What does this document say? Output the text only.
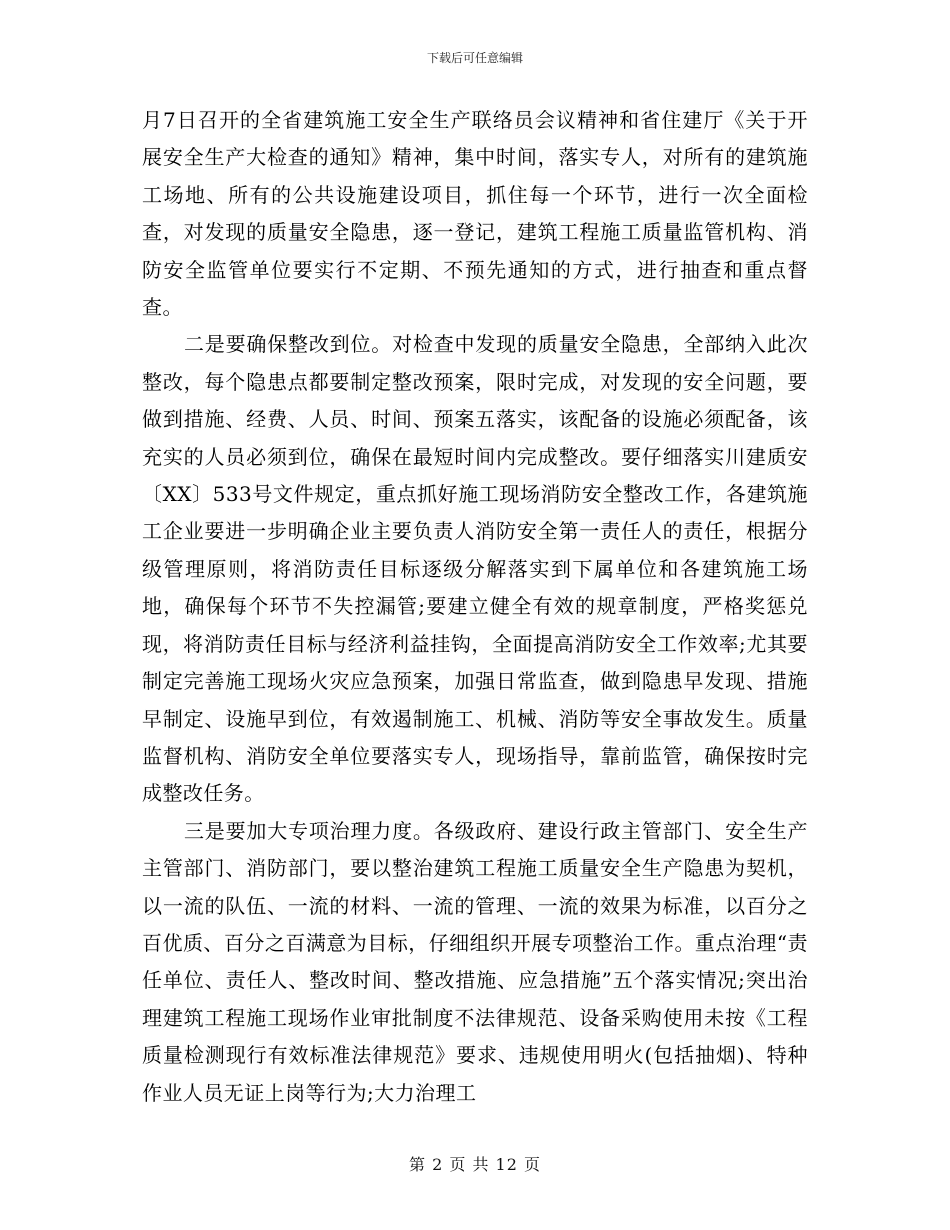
下载后可任意编辑

月7日召开的全省建筑施工安全生产联络员会议精神和省住建厅《关于开展安全生产大检查的通知》精神，集中时间，落实专人，对所有的建筑施工场地、所有的公共设施建设项目，抓住每一个环节，进行一次全面检查，对发现的质量安全隐患，逐一登记，建筑工程施工质量监管机构、消防安全监管单位要实行不定期、不预先通知的方式，进行抽查和重点督查。

二是要确保整改到位。对检查中发现的质量安全隐患，全部纳入此次整改，每个隐患点都要制定整改预案，限时完成，对发现的安全问题，要做到措施、经费、人员、时间、预案五落实，该配备的设施必须配备，该充实的人员必须到位，确保在最短时间内完成整改。要仔细落实川建质安〔XX〕533号文件规定，重点抓好施工现场消防安全整改工作，各建筑施工企业要进一步明确企业主要负责人消防安全第一责任人的责任，根据分级管理原则，将消防责任目标逐级分解落实到下属单位和各建筑施工场地，确保每个环节不失控漏管;要建立健全有效的规章制度，严格奖惩兑现，将消防责任目标与经济利益挂钩，全面提高消防安全工作效率;尤其要制定完善施工现场火灾应急预案，加强日常监查，做到隐患早发现、措施早制定、设施早到位，有效遏制施工、机械、消防等安全事故发生。质量监督机构、消防安全单位要落实专人，现场指导，靠前监管，确保按时完成整改任务。

三是要加大专项治理力度。各级政府、建设行政主管部门、安全生产主管部门、消防部门，要以整治建筑工程施工质量安全生产隐患为契机，以一流的队伍、一流的材料、一流的管理、一流的效果为标准，以百分之百优质、百分之百满意为目标，仔细组织开展专项整治工作。重点治理“责任单位、责任人、整改时间、整改措施、应急措施”五个落实情况;突出治理建筑工程施工现场作业审批制度不法律规范、设备采购使用未按《工程质量检测现行有效标准法律规范》要求、违规使用明火(包括抽烟)、特种作业人员无证上岗等行为;大力治理工

第 2 页 共 12 页
